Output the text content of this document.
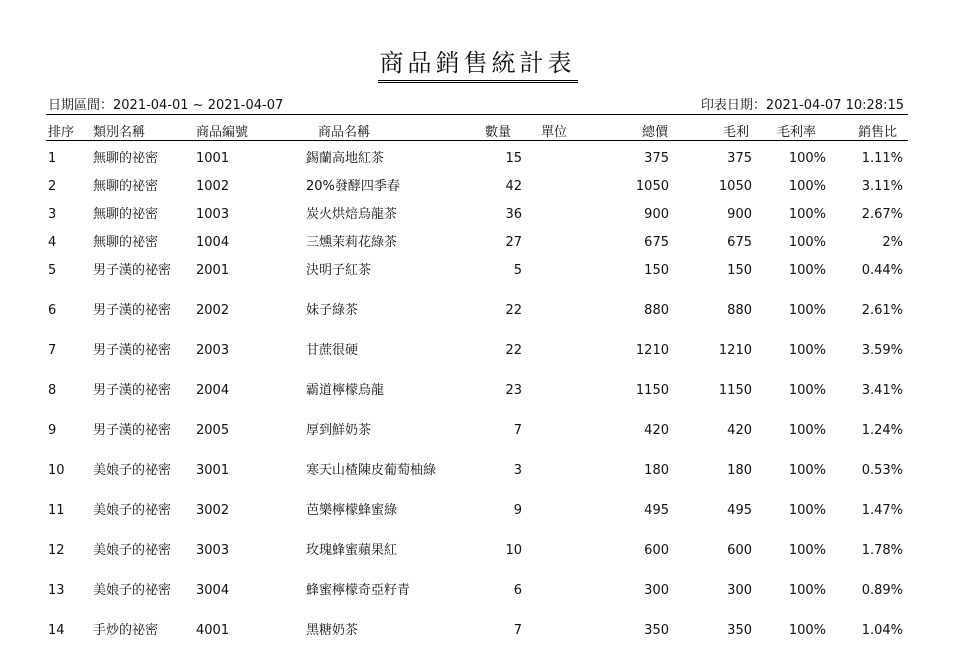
商品銷售統計表
日期區間：2021-04-01 ~ 2021-04-07	印表日期：2021-04-07 10:28:15
排序 類別名稱	商品編號	商品名稱	數量 單位	總價	毛利 毛利率	銷售比
1	無聊的祕密	1001	錫蘭高地紅茶	15	375	375	100%	1.11%
2	無聊的祕密	1002	20%發酵四季春	42	1050	1050	100%	3.11%
3	無聊的祕密	1003	炭火烘焙烏龍茶	36	900	900	100%	2.67%
4	無聊的祕密	1004	三燻茉莉花綠茶	27	675	675	100%	2%
5	男子漢的祕密	2001	決明子紅茶	5	150	150	100%	0.44%
6	男子漢的祕密	2002	妹子綠茶	22	880	880	100%	2.61%
7	男子漢的祕密	2003	甘蔗很硬	22	1210	1210	100%	3.59%
8	男子漢的祕密	2004	霸道檸檬烏龍	23	1150	1150	100%	3.41%
9	男子漢的祕密	2005	厚到鮮奶茶	7	420	420	100%	1.24%
10 美娘子的祕密	3001	寒天山楂陳皮葡萄柚綠	3	180	180	100%	0.53%
11 美娘子的祕密	3002	芭樂檸檬蜂蜜綠	9	495	495	100%	1.47%
12 美娘子的祕密	3003	玫瑰蜂蜜蘋果紅	10	600	600	100%	1.78%
13 美娘子的祕密	3004	蜂蜜檸檬奇亞籽青	6	300	300	100%	0.89%
14 手炒的祕密	4001	黑糖奶茶	7	350	350	100%	1.04%
